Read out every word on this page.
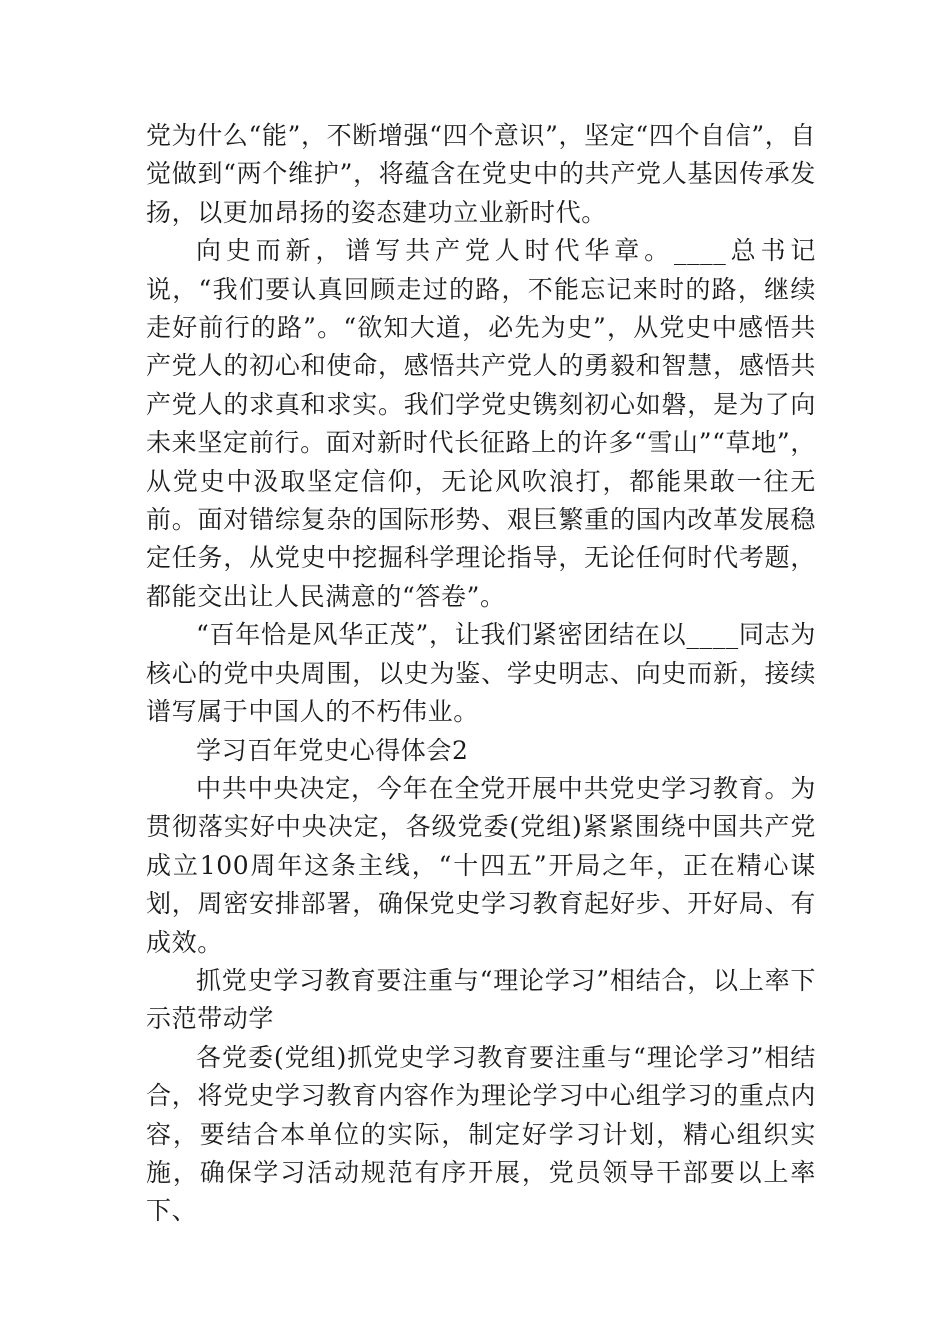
党为什么“能”，不断增强“四个意识”，坚定“四个自信”，自觉做到“两个维护”，将蕴含在党史中的共产党人基因传承发扬，以更加昂扬的姿态建功立业新时代。

向史而新，谱写共产党人时代华章。____总书记说，“我们要认真回顾走过的路，不能忘记来时的路，继续走好前行的路”。“欲知大道，必先为史”，从党史中感悟共产党人的初心和使命，感悟共产党人的勇毅和智慧，感悟共产党人的求真和求实。我们学党史镌刻初心如磐，是为了向未来坚定前行。面对新时代长征路上的许多“雪山”“草地”，从党史中汲取坚定信仰，无论风吹浪打，都能果敢一往无前。面对错综复杂的国际形势、艰巨繁重的国内改革发展稳定任务，从党史中挖掘科学理论指导，无论任何时代考题，都能交出让人民满意的“答卷”。

“百年恰是风华正茂”，让我们紧密团结在以____同志为核心的党中央周围，以史为鉴、学史明志、向史而新，接续谱写属于中国人的不朽伟业。

学习百年党史心得体会2

中共中央决定，今年在全党开展中共党史学习教育。为贯彻落实好中央决定，各级党委(党组)紧紧围绕中国共产党成立100周年这条主线，“十四五”开局之年，正在精心谋划，周密安排部署，确保党史学习教育起好步、开好局、有成效。

抓党史学习教育要注重与“理论学习”相结合，以上率下示范带动学

各党委(党组)抓党史学习教育要注重与“理论学习”相结合，将党史学习教育内容作为理论学习中心组学习的重点内容，要结合本单位的实际，制定好学习计划，精心组织实施，确保学习活动规范有序开展，党员领导干部要以上率下、
